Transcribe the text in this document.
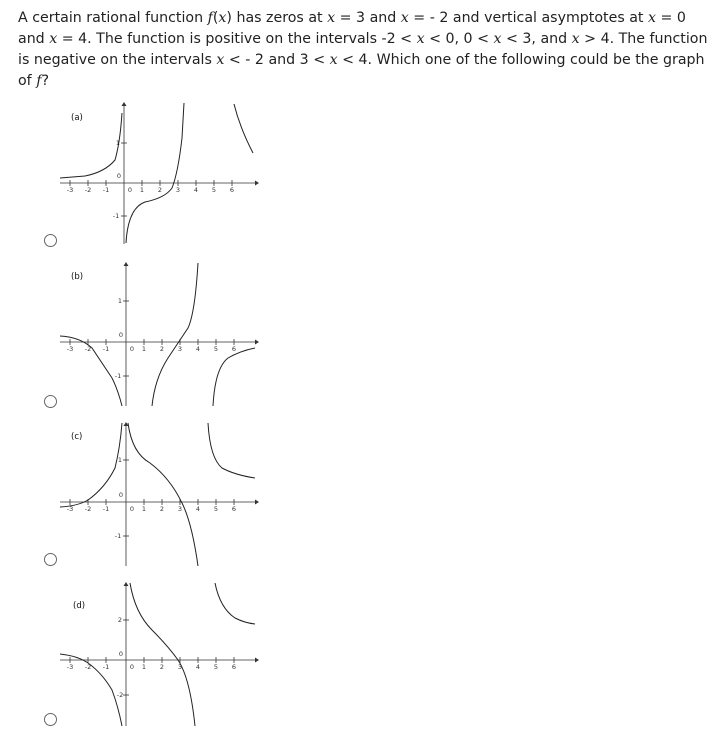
A certain rational function f(x) has zeros at x = 3 and x = - 2 and vertical asymptotes at x = 0 and x = 4. The function is positive on the intervals -2 < x < 0, 0 < x < 3, and x > 4. The function is negative on the intervals x < - 2 and 3 < x < 4. Which one of the following could be the graph of f?
(a)
-3 -2 -1	0 1 2 3 4 5 6
0
1
-1
(b)
-3 -2 -1	0 1 2 3 4 5 6
0
1
-1
(c)
-3 -2 -1	0 1 2 3 4 5 6
0
1
-1
(d)
-3 -2 -1	0 1 2 3 4 5 6
0
2
-2
